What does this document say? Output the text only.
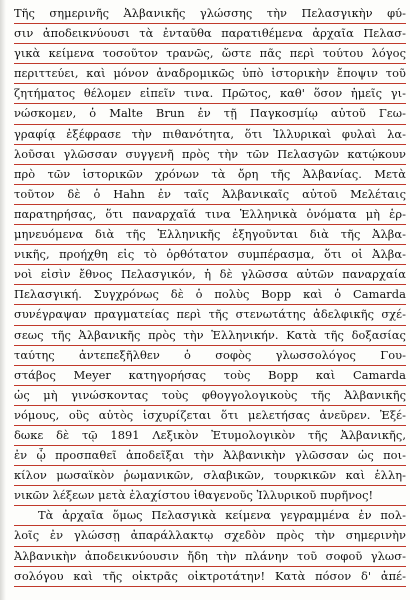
Τῆς σημερινῆς Ἀλβανικῆς γλώσσης τὴν Πελασγικὴν φύ-
σιν ἀποδεικνύουσι τὰ ἐνταῦθα παρατιθέμενα ἀρχαῖα Πελασ-
γικὰ κείμενα τοσοῦτον τρανῶς, ὥστε πᾶς περὶ τούτου λόγος
περιττεύει, καὶ μόνον ἀναδρομικῶς ὑπὸ ἱστορικὴν ἔποψιν τοῦ
ζητήματος θέλομεν εἰπεῖν τινα. Πρῶτος, καθ' ὅσον ἡμεῖς γι-
νώσκομεν, ὁ Malte Brun ἐν τῇ Παγκοσμίῳ αὐτοῦ Γεω-
γραφίᾳ ἐξέφρασε τὴν πιθανότητα, ὅτι Ἰλλυρικαὶ φυλαὶ λα-
λοῦσαι γλῶσσαν συγγενῆ πρὸς τὴν τῶν Πελασγῶν κατῴκουν
πρὸ τῶν ἱστορικῶν χρόνων τὰ ὄρη τῆς Ἀλβανίας. Μετὰ
τοῦτον δὲ ὁ Hahn ἐν ταῖς Ἀλβανικαῖς αὐτοῦ Μελέταις
παρατηρήσας, ὅτι παναρχαῖά τινα Ἑλληνικὰ ὀνόματα μὴ ἑρ-
μηνευόμενα διὰ τῆς Ἑλληνικῆς ἐξηγοῦνται διὰ τῆς Ἀλβα-
νικῆς, προήχθη εἰς τὸ ὀρθότατον συμπέρασμα, ὅτι οἱ Ἀλβα-
νοὶ εἰσὶν ἔθνος Πελασγικόν, ἡ δὲ γλῶσσα αὐτῶν παναρχαία
Πελασγική. Συγχρόνως δὲ ὁ πολὺς Bopp καὶ ὁ Camarda
συνέγραψαν πραγματείας περὶ τῆς στενωτάτης ἀδελφικῆς σχέ-
σεως τῆς Ἀλβανικῆς πρὸς τὴν Ἑλληνικήν. Κατὰ τῆς δοξασίας
ταύτης ἀντεπεξῆλθεν ὁ σοφὸς γλωσσολόγος Γου-
στάβος Meyer κατηγορήσας τοὺς Bopp καὶ Camarda
ὡς μὴ γινώσκοντας τοὺς φθογγολογικοὺς τῆς Ἀλβανικῆς
νόμους, οὓς αὐτὸς ἰσχυρίζεται ὅτι μελετήσας ἀνεῦρεν. Ἐξέ-
δωκε δὲ τῷ 1891 Λεξικὸν Ἐτυμολογικὸν τῆς Ἀλβανικῆς,
ἐν ᾧ προσπαθεῖ ἀποδεῖξαι τὴν Ἀλβανικὴν γλῶσσαν ὡς ποι-
κίλον μωσαϊκὸν ῥωμανικῶν, σλαβικῶν, τουρκικῶν καὶ ἑλλη-
νικῶν λέξεων μετὰ ἐλαχίστου ἰθαγενοῦς Ἰλλυρικοῦ πυρῆνος!
Τὰ ἀρχαῖα ὅμως Πελασγικὰ κείμενα γεγραμμένα ἐν πολ-
λοῖς ἐν γλώσσῃ ἀπαράλλακτῳ σχεδὸν πρὸς τὴν σημερινὴν
Ἀλβανικὴν ἀποδεικνύουσιν ἤδη τὴν πλάνην τοῦ σοφοῦ γλωσ-
σολόγου καὶ τῆς οἰκτρᾶς οἰκτροτάτην! Κατὰ πόσον δ' ἀπέ-
